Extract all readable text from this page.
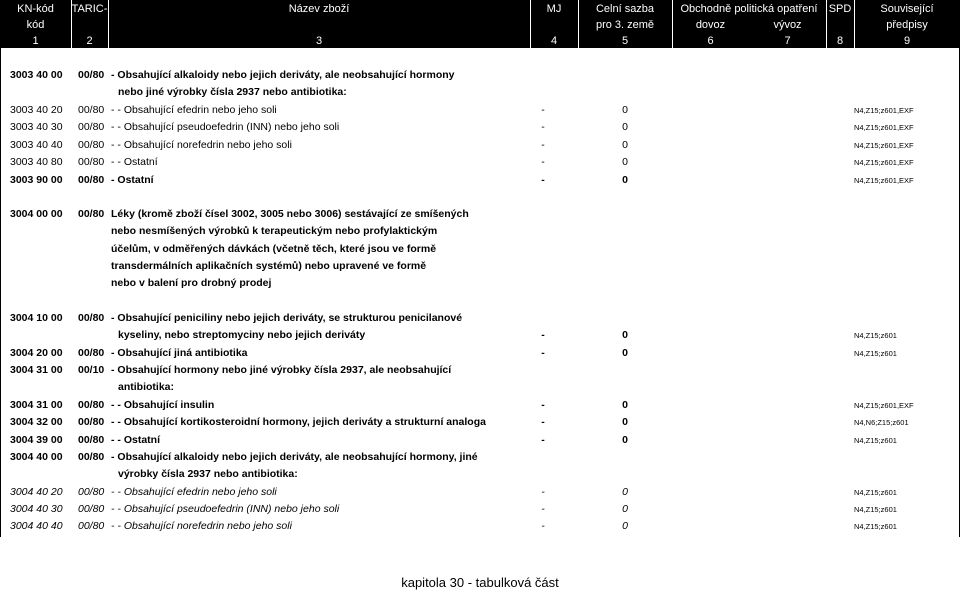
KN-kód	TARIC-	Název zboží	MJ	Celní sazba	Obchodně politická opatření	SPD	Související
kód	pro 3. země	dovoz	vývoz	předpisy
1	2	3	4	5	6	7	8	9
3003 40 00	00/80 - Obsahující alkaloidy nebo jejich deriváty, ale neobsahující hormony
nebo jiné výrobky čísla 2937 nebo antibiotika:
3003 40 20	00/80 - - Obsahující efedrin nebo jeho soli	-	0	N4,Z15;z601,EXF
3003 40 30	00/80 - - Obsahující pseudoefedrin (INN) nebo jeho soli	-	0	N4,Z15;z601,EXF
3003 40 40	00/80 - - Obsahující norefedrin nebo jeho soli	-	0	N4,Z15;z601,EXF
3003 40 80	00/80 - - Ostatní	-	0	N4,Z15;z601,EXF
3003 90 00	00/80 - Ostatní	-	0	N4,Z15;z601,EXF
3004 00 00	00/80 Léky (kromě zboží čísel 3002, 3005 nebo 3006) sestávající ze smíšených
nebo nesmíšených výrobků k terapeutickým nebo profylaktickým
účelům, v odměřených dávkách (včetně těch, které jsou ve formě
transdermálních aplikačních systémů) nebo upravené ve formě
nebo v balení pro drobný prodej
3004 10 00	00/80 - Obsahující peniciliny nebo jejich deriváty, se strukturou penicilanové
kyseliny, nebo streptomyciny nebo jejich deriváty	-	0	N4,Z15;z601
3004 20 00	00/80 - Obsahující jiná antibiotika	-	0	N4,Z15;z601
3004 31 00	00/10 - Obsahující hormony nebo jiné výrobky čísla 2937, ale neobsahující
antibiotika:
3004 31 00	00/80 - - Obsahující insulin	-	0	N4,Z15;z601,EXF
3004 32 00	00/80 - - Obsahující kortikosteroidní hormony, jejich deriváty a strukturní analoga	-	0	N4,N6;Z15;z601
3004 39 00	00/80 - - Ostatní	-	0	N4,Z15;z601
3004 40 00	00/80 - Obsahující alkaloidy nebo jejich deriváty, ale neobsahující hormony, jiné
výrobky čísla 2937 nebo antibiotika:
3004 40 20	00/80 - - Obsahující efedrin nebo jeho soli	-	0	N4,Z15;z601
3004 40 30	00/80 - - Obsahující pseudoefedrin (INN) nebo jeho soli	-	0	N4,Z15;z601
3004 40 40	00/80 - - Obsahující norefedrin nebo jeho soli	-	0	N4,Z15;z601
kapitola 30 - tabulková část
